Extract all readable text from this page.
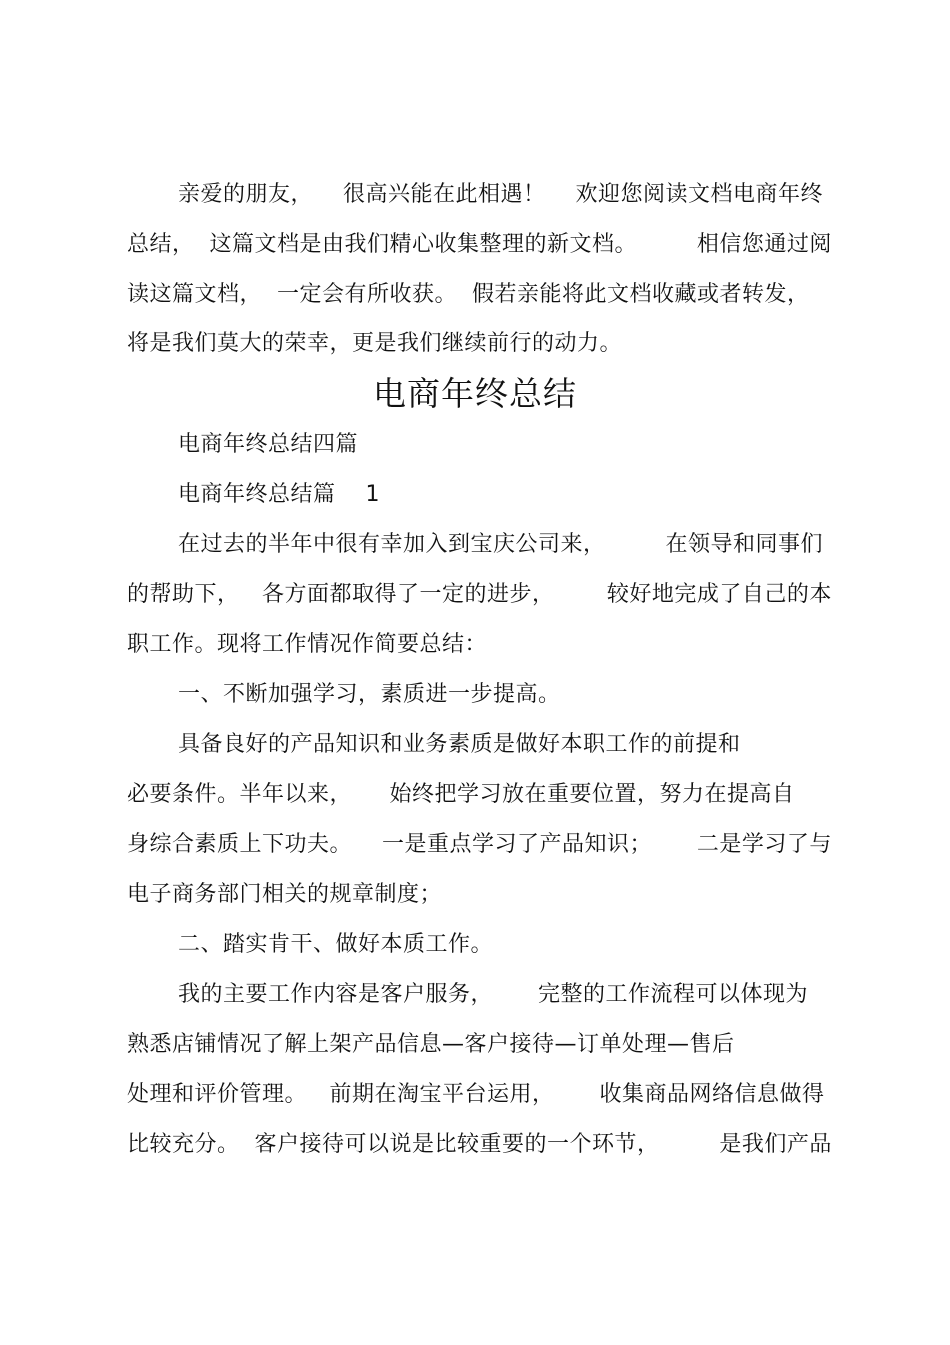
亲爱的朋友，    很高兴能在此相遇！    欢迎您阅读文档电商年终
总结，  这篇文档是由我们精心收集整理的新文档。        相信您通过阅
读这篇文档，  一定会有所收获。  假若亲能将此文档收藏或者转发，
将是我们莫大的荣幸，更是我们继续前行的动力。
电商年终总结
电商年终总结四篇
电商年终总结篇    1
在过去的半年中很有幸加入到宝庆公司来，        在领导和同事们
的帮助下，   各方面都取得了一定的进步，       较好地完成了自己的本
职工作。现将工作情况作简要总结：
一、不断加强学习，素质进一步提高。
具备良好的产品知识和业务素质是做好本职工作的前提和
必要条件。半年以来，     始终把学习放在重要位置，努力在提高自
身综合素质上下功夫。    一是重点学习了产品知识；      二是学习了与
电子商务部门相关的规章制度；
二、踏实肯干、做好本质工作。
我的主要工作内容是客户服务，      完整的工作流程可以体现为
熟悉店铺情况了解上架产品信息—客户接待—订单处理—售后
处理和评价管理。   前期在淘宝平台运用，      收集商品网络信息做得
比较充分。  客户接待可以说是比较重要的一个环节，        是我们产品
